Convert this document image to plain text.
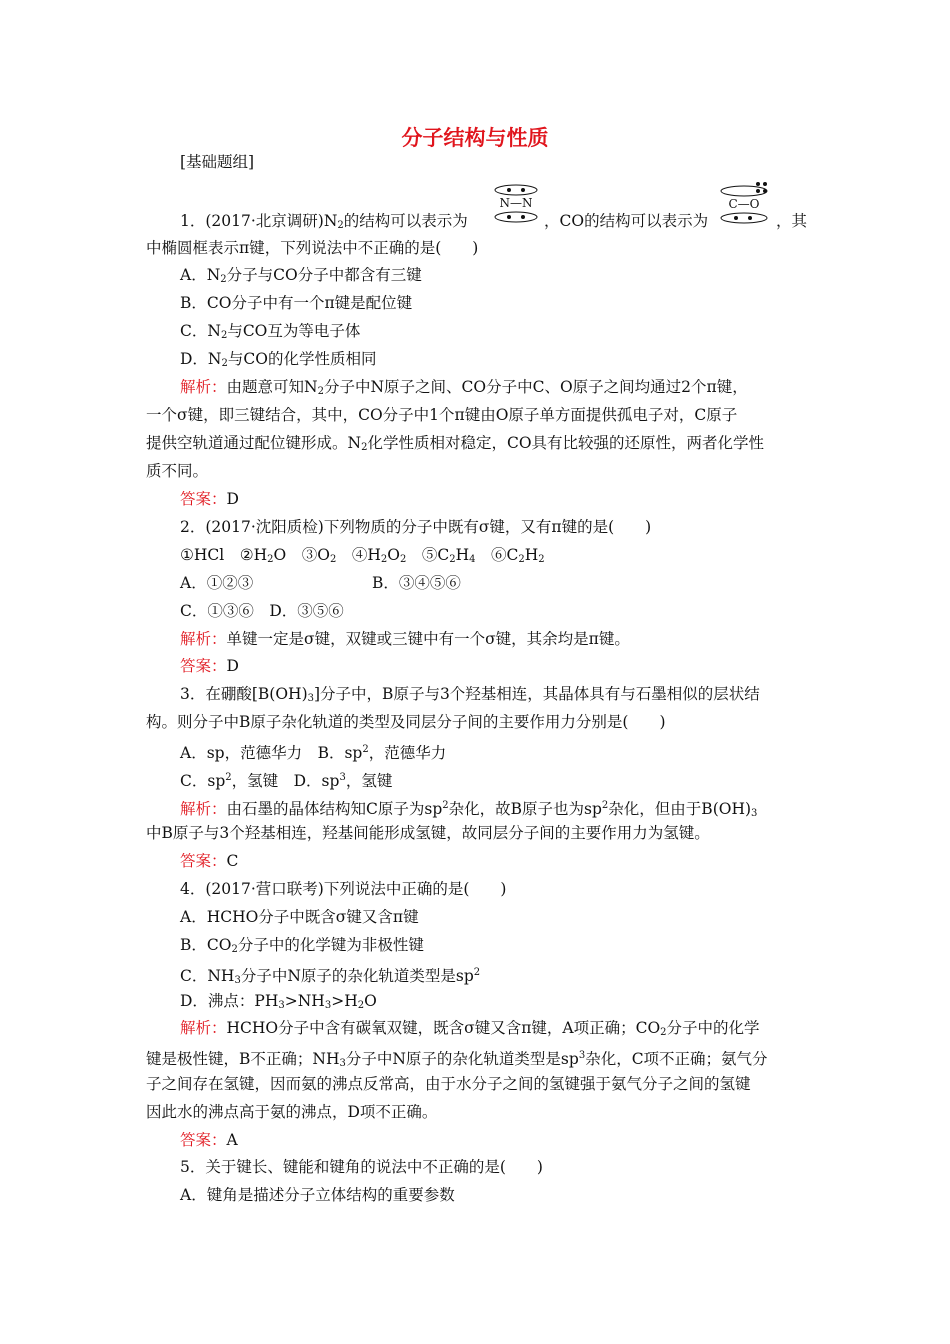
分子结构与性质
[基础题组]
1．(2017·北京调研)$N_2$的结构可以表示为
N—N
，CO的结构可以表示为
C—O
，其
中椭圆框表示π键，下列说法中不正确的是(　　)
A．$N_2$分子与CO分子中都含有三键
B．CO分子中有一个π键是配位键
C．$N_2$与CO互为等电子体
D．$N_2$与CO的化学性质相同
解析：由题意可知$N_2$分子中N原子之间、CO分子中C、O原子之间均通过2个π键，
一个σ键，即三键结合，其中，CO分子中1个π键由O原子单方面提供孤电子对，C原子
提供空轨道通过配位键形成。$N_2$化学性质相对稳定，CO具有比较强的还原性，两者化学性
质不同。
答案：D
2．(2017·沈阳质检)下列物质的分子中既有σ键，又有π键的是(　　)
①HCl　$②H_2O$　$③O_2$　$④H_2O_2$　$⑤C_2H_4$　$⑥C_2H_2$
A．①②③	B．③④⑤⑥
C．①③⑥　D．③⑤⑥
解析：单键一定是σ键，双键或三键中有一个σ键，其余均是π键。
答案：D
3．在硼酸$[B(OH)_3]$分子中，B原子与3个羟基相连，其晶体具有与石墨相似的层状结
构。则分子中B原子杂化轨道的类型及同层分子间的主要作用力分别是(　　)
A．sp，范德华力　B．$sp^2$，范德华力
C．$sp^2$，氢键　D．$sp^3$，氢键
解析：由石墨的晶体结构知C原子为$sp^2$杂化，故B原子也为$sp^2$杂化，但由于$B(OH)_3$
中B原子与3个羟基相连，羟基间能形成氢键，故同层分子间的主要作用力为氢键。
答案：C
4．(2017·营口联考)下列说法中正确的是(　　)
A．HCHO分子中既含σ键又含π键
B．$CO_2$分子中的化学键为非极性键
C．$NH_3$分子中N原子的杂化轨道类型是$sp^2$
D．沸点：$PH_3>NH_3>H_2O$
解析：HCHO分子中含有碳氧双键，既含σ键又含π键，A项正确；$CO_2$分子中的化学
键是极性键，B不正确；$NH_3$分子中N原子的杂化轨道类型是$sp^3$杂化，C项不正确；氨气分
子之间存在氢键，因而氨的沸点反常高，由于水分子之间的氢键强于氨气分子之间的氢键
因此水的沸点高于氨的沸点，D项不正确。
答案：A
5．关于键长、键能和键角的说法中不正确的是(　　)
A．键角是描述分子立体结构的重要参数
